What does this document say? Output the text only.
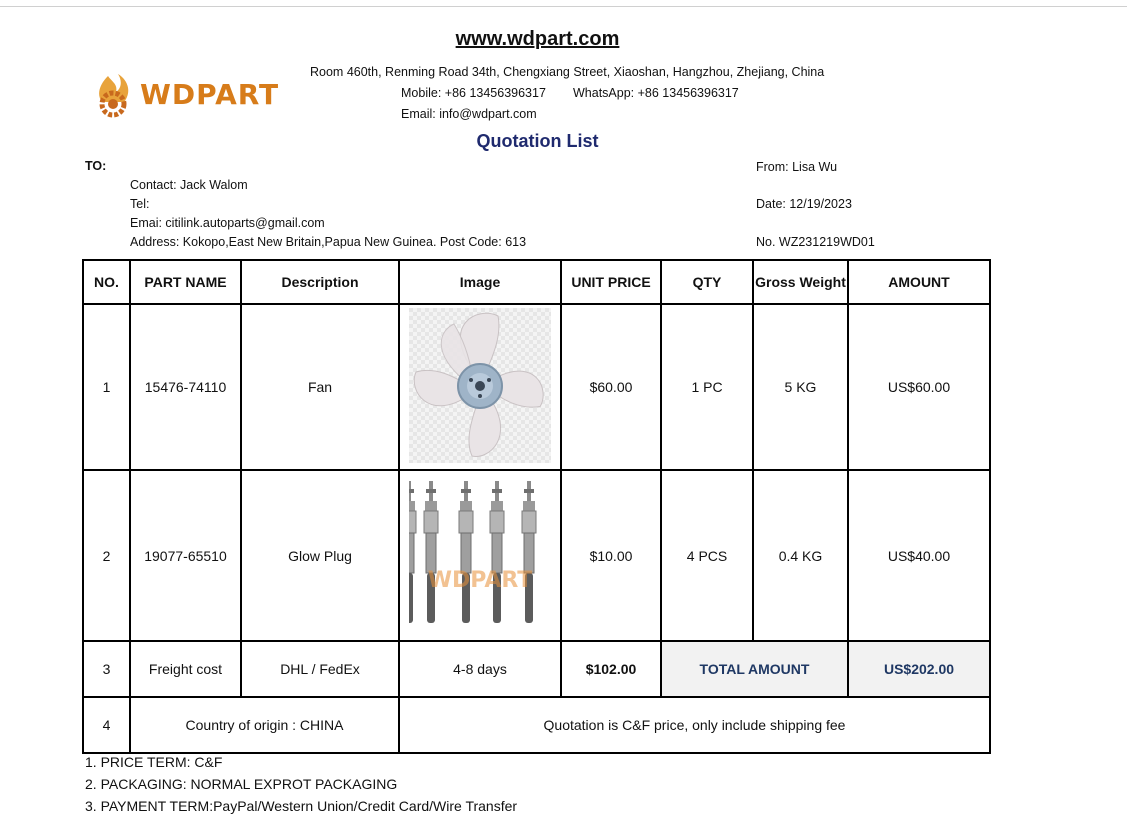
www.wdpart.com
WDPART
Room 460th, Renming Road 34th, Chengxiang Street, Xiaoshan, Hangzhou, Zhejiang, China
Mobile: +86 13456396317 WhatsApp: +86 13456396317
Email: info@wdpart.com
Quotation List
TO:
Contact: Jack Walom
Tel:
Emai: citilink.autoparts@gmail.com
Address: Kokopo,East New Britain,Papua New Guinea. Post Code: 613
From: Lisa Wu
Date: 12/19/2023
No. WZ231219WD01
NO.	PART NAME	Description	Image	UNIT PRICE	QTY	Gross Weight	AMOUNT
1	15476-74110	Fan		$60.00	1 PC	5 KG	US$60.00
2	19077-65510	Glow Plug	WDPART	$10.00	4 PCS	0.4 KG	US$40.00
3	Freight cost	DHL / FedEx	4-8 days	$102.00	TOTAL AMOUNT		US$202.00
4	Country of origin : CHINA		Quotation is C&F price, only include shipping fee				
1. PRICE TERM: C&F
2. PACKAGING: NORMAL EXPROT PACKAGING
3. PAYMENT TERM:PayPal/Western Union/Credit Card/Wire Transfer
